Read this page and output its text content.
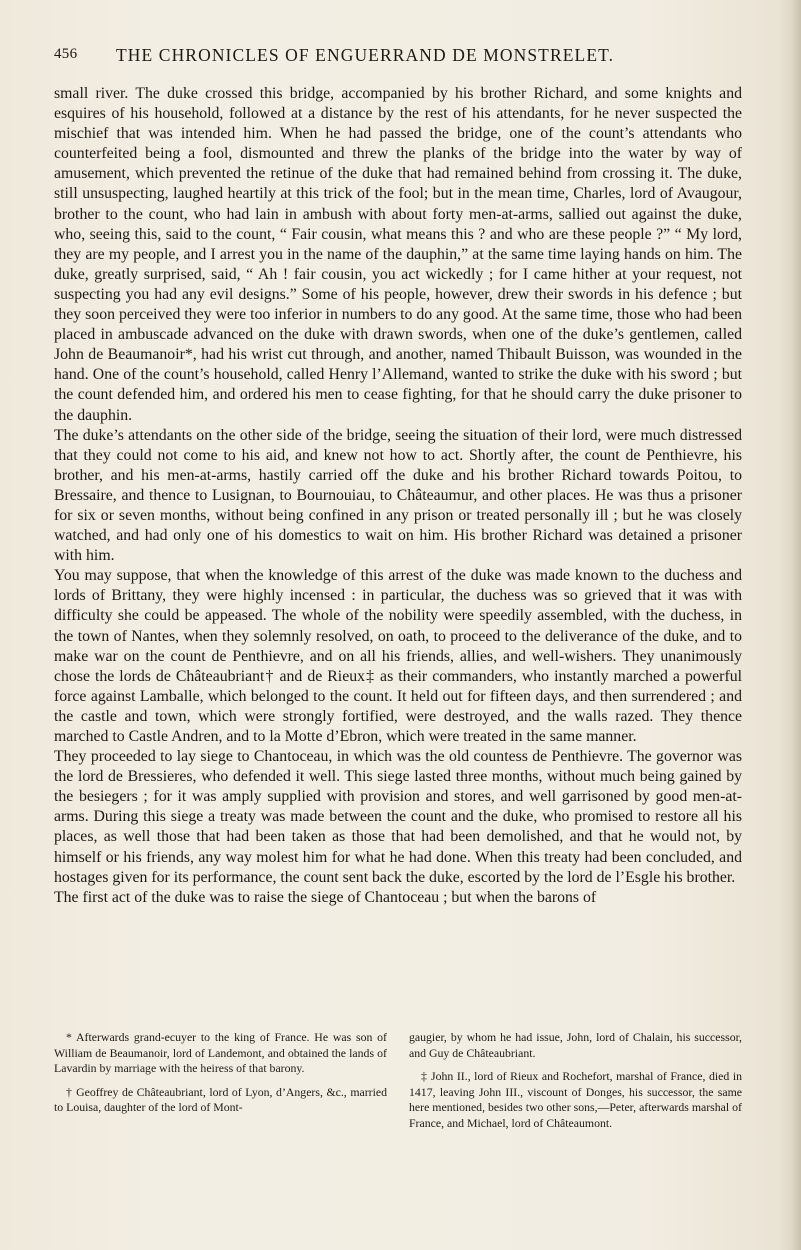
456 THE CHRONICLES OF ENGUERRAND DE MONSTRELET.

small river. The duke crossed this bridge, accompanied by his brother Richard, and some knights and esquires of his household, followed at a distance by the rest of his attendants, for he never suspected the mischief that was intended him. When he had passed the bridge, one of the count’s attendants who counterfeited being a fool, dismounted and threw the planks of the bridge into the water by way of amusement, which prevented the retinue of the duke that had remained behind from crossing it. The duke, still unsuspecting, laughed heartily at this trick of the fool; but in the mean time, Charles, lord of Avaugour, brother to the count, who had lain in ambush with about forty men-at-arms, sallied out against the duke, who, seeing this, said to the count, “ Fair cousin, what means this ? and who are these people ?” “ My lord, they are my people, and I arrest you in the name of the dauphin,” at the same time laying hands on him. The duke, greatly surprised, said, “ Ah ! fair cousin, you act wickedly ; for I came hither at your request, not suspecting you had any evil designs.” Some of his people, however, drew their swords in his defence ; but they soon perceived they were too inferior in numbers to do any good. At the same time, those who had been placed in ambuscade advanced on the duke with drawn swords, when one of the duke’s gentlemen, called John de Beaumanoir*, had his wrist cut through, and another, named Thibault Buisson, was wounded in the hand. One of the count’s household, called Henry l’Allemand, wanted to strike the duke with his sword ; but the count defended him, and ordered his men to cease fighting, for that he should carry the duke prisoner to the dauphin.

The duke’s attendants on the other side of the bridge, seeing the situation of their lord, were much distressed that they could not come to his aid, and knew not how to act. Shortly after, the count de Penthievre, his brother, and his men-at-arms, hastily carried off the duke and his brother Richard towards Poitou, to Bressaire, and thence to Lusignan, to Bournouiau, to Châteaumur, and other places. He was thus a prisoner for six or seven months, without being confined in any prison or treated personally ill ; but he was closely watched, and had only one of his domestics to wait on him. His brother Richard was detained a prisoner with him.

You may suppose, that when the knowledge of this arrest of the duke was made known to the duchess and lords of Brittany, they were highly incensed : in particular, the duchess was so grieved that it was with difficulty she could be appeased. The whole of the nobility were speedily assembled, with the duchess, in the town of Nantes, when they solemnly resolved, on oath, to proceed to the deliverance of the duke, and to make war on the count de Penthievre, and on all his friends, allies, and well-wishers. They unanimously chose the lords de Châteaubriant† and de Rieux‡ as their commanders, who instantly marched a powerful force against Lamballe, which belonged to the count. It held out for fifteen days, and then surrendered ; and the castle and town, which were strongly fortified, were destroyed, and the walls razed. They thence marched to Castle Andren, and to la Motte d’Ebron, which were treated in the same manner.

They proceeded to lay siege to Chantoceau, in which was the old countess de Penthievre. The governor was the lord de Bressieres, who defended it well. This siege lasted three months, without much being gained by the besiegers ; for it was amply supplied with provision and stores, and well garrisoned by good men-at-arms. During this siege a treaty was made between the count and the duke, who promised to restore all his places, as well those that had been taken as those that had been demolished, and that he would not, by himself or his friends, any way molest him for what he had done. When this treaty had been concluded, and hostages given for its performance, the count sent back the duke, escorted by the lord de l’Esgle his brother.

The first act of the duke was to raise the siege of Chantoceau ; but when the barons of

* Afterwards grand-ecuyer to the king of France. He was son of William de Beaumanoir, lord of Landemont, and obtained the lands of Lavardin by marriage with the heiress of that barony.

† Geoffrey de Châteaubriant, lord of Lyon, d’Angers, &c., married to Louisa, daughter of the lord of Mont-

gaugier, by whom he had issue, John, lord of Chalain, his successor, and Guy de Châteaubriant.

‡ John II., lord of Rieux and Rochefort, marshal of France, died in 1417, leaving John III., viscount of Donges, his successor, the same here mentioned, besides two other sons,—Peter, afterwards marshal of France, and Michael, lord of Châteaumont.
